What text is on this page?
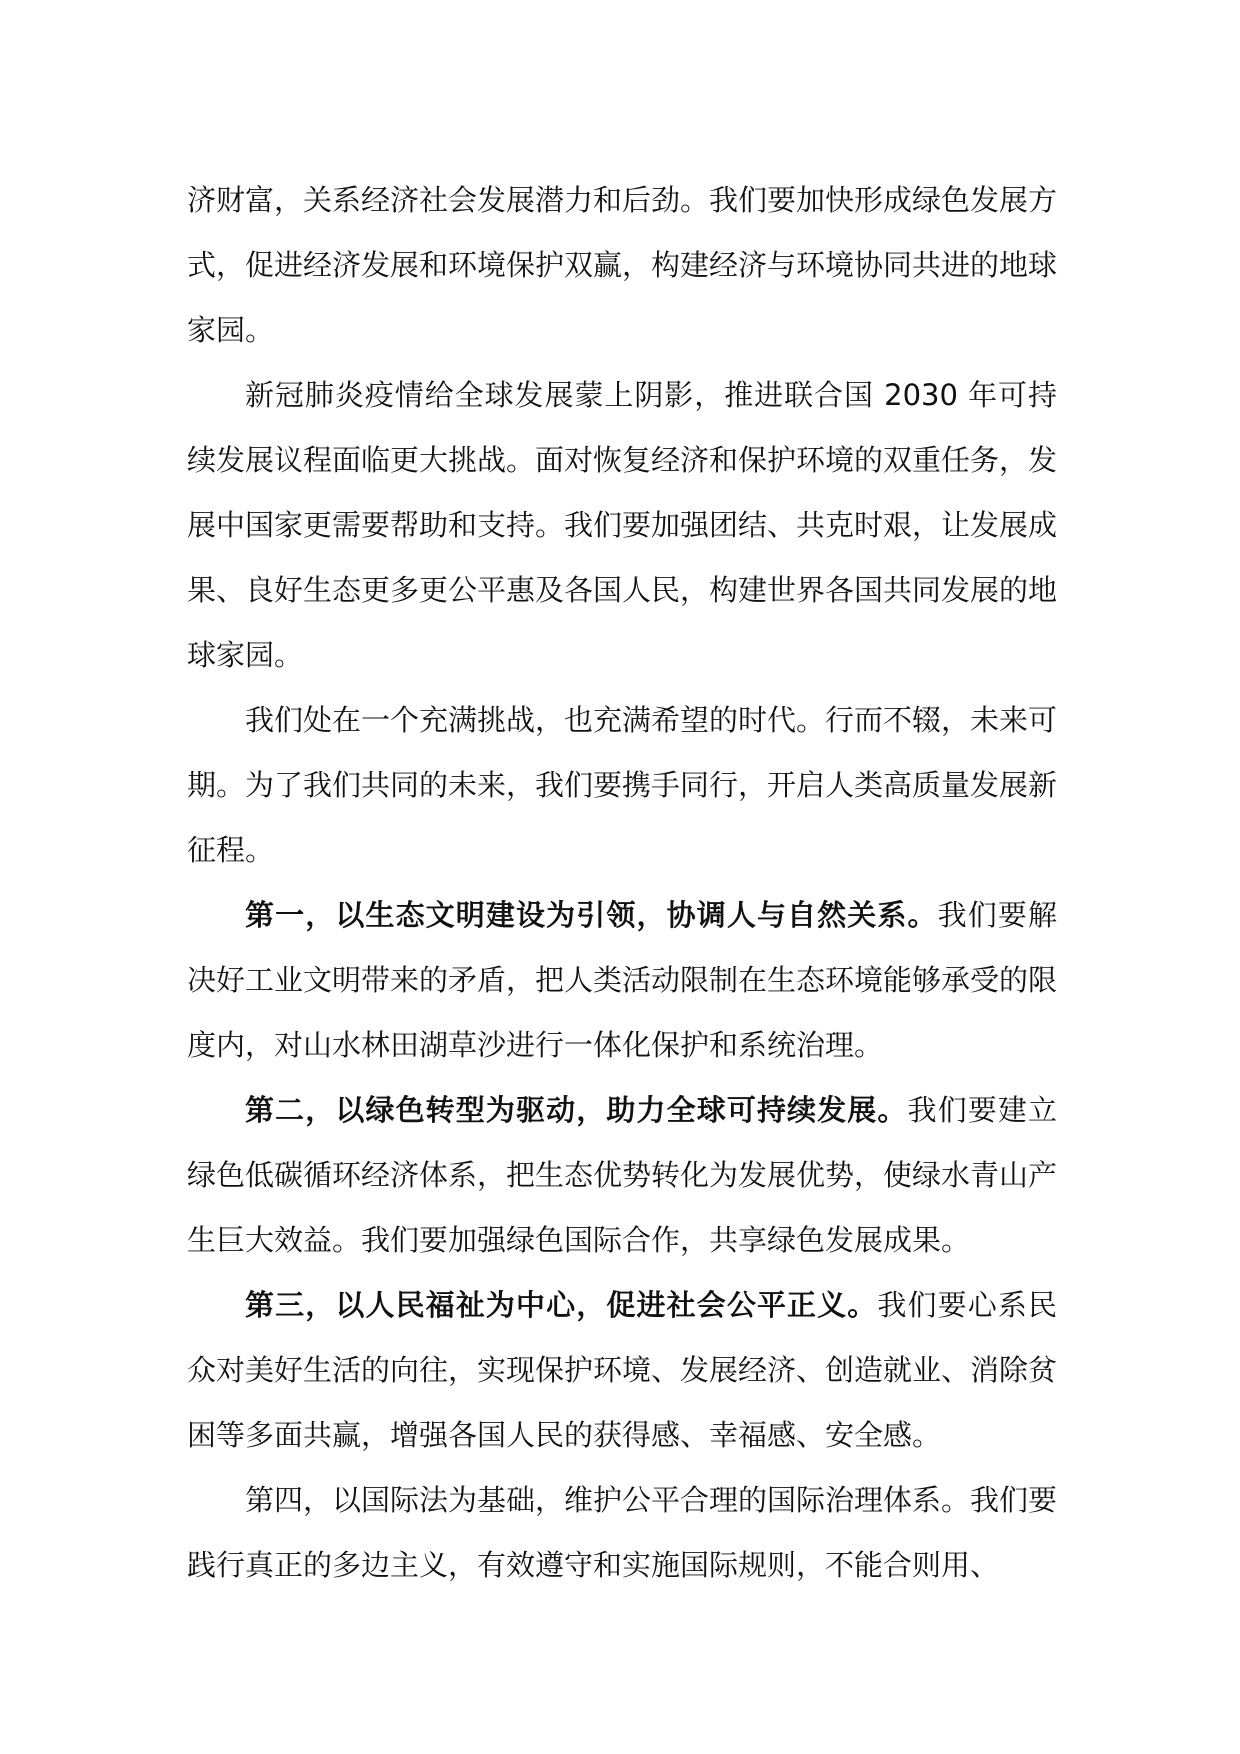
济财富，关系经济社会发展潜力和后劲。我们要加快形成绿色发展方式，促进经济发展和环境保护双赢，构建经济与环境协同共进的地球家园。

新冠肺炎疫情给全球发展蒙上阴影，推进联合国 2030 年可持续发展议程面临更大挑战。面对恢复经济和保护环境的双重任务，发展中国家更需要帮助和支持。我们要加强团结、共克时艰，让发展成果、良好生态更多更公平惠及各国人民，构建世界各国共同发展的地球家园。

我们处在一个充满挑战，也充满希望的时代。行而不辍，未来可期。为了我们共同的未来，我们要携手同行，开启人类高质量发展新征程。

第一，以生态文明建设为引领，协调人与自然关系。我们要解决好工业文明带来的矛盾，把人类活动限制在生态环境能够承受的限度内，对山水林田湖草沙进行一体化保护和系统治理。

第二，以绿色转型为驱动，助力全球可持续发展。我们要建立绿色低碳循环经济体系，把生态优势转化为发展优势，使绿水青山产生巨大效益。我们要加强绿色国际合作，共享绿色发展成果。

第三，以人民福祉为中心，促进社会公平正义。我们要心系民众对美好生活的向往，实现保护环境、发展经济、创造就业、消除贫困等多面共赢，增强各国人民的获得感、幸福感、安全感。

第四，以国际法为基础，维护公平合理的国际治理体系。我们要践行真正的多边主义，有效遵守和实施国际规则，不能合则用、
